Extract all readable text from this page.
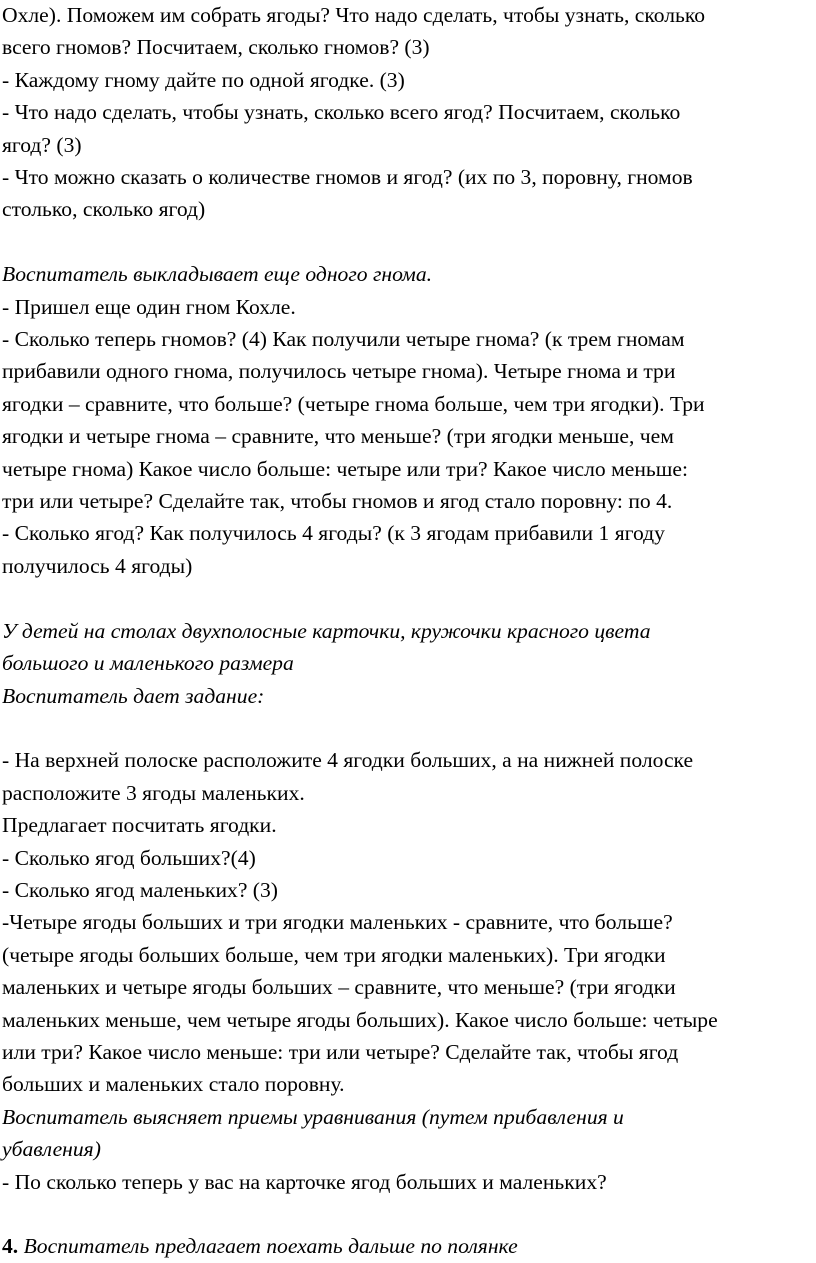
Охле). Поможем им собрать ягоды? Что надо сделать, чтобы узнать, сколько

всего гномов? Посчитаем, сколько гномов? (3)

- Каждому гному дайте по одной ягодке. (3)

- Что надо сделать, чтобы узнать, сколько всего ягод? Посчитаем, сколько

ягод? (3)

- Что можно сказать о количестве гномов и ягод? (их по 3, поровну, гномов

столько, сколько ягод)

Воспитатель выкладывает еще одного гнома.

- Пришел еще один гном Кохле.

- Сколько теперь гномов? (4) Как получили четыре гнома? (к трем гномам

прибавили одного гнома, получилось четыре гнома). Четыре гнома и три

ягодки – сравните, что больше? (четыре гнома больше, чем три ягодки). Три

ягодки и четыре гнома – сравните, что меньше? (три ягодки меньше, чем

четыре гнома) Какое число больше: четыре или три? Какое число меньше:

три или четыре? Сделайте так, чтобы гномов и ягод стало поровну: по 4.

- Сколько ягод? Как получилось 4 ягоды? (к 3 ягодам прибавили 1 ягоду

получилось 4 ягоды)

У детей на столах двухполосные карточки, кружочки красного цвета

большого и маленького размера

Воспитатель дает задание:

- На верхней полоске расположите 4 ягодки больших, а на нижней полоске

расположите 3 ягоды маленьких.

Предлагает посчитать ягодки.

- Сколько ягод больших?(4)

- Сколько ягод маленьких? (3)

-Четыре ягоды больших и три ягодки маленьких - сравните, что больше?

(четыре ягоды больших больше, чем три ягодки маленьких). Три ягодки

маленьких и четыре ягоды больших – сравните, что меньше? (три ягодки

маленьких меньше, чем четыре ягоды больших). Какое число больше: четыре

или три? Какое число меньше: три или четыре? Сделайте так, чтобы ягод

больших и маленьких стало поровну.

Воспитатель выясняет приемы уравнивания (путем прибавления и

убавления)

- По сколько теперь у вас на карточке ягод больших и маленьких?

4. Воспитатель предлагает поехать дальше по полянке
